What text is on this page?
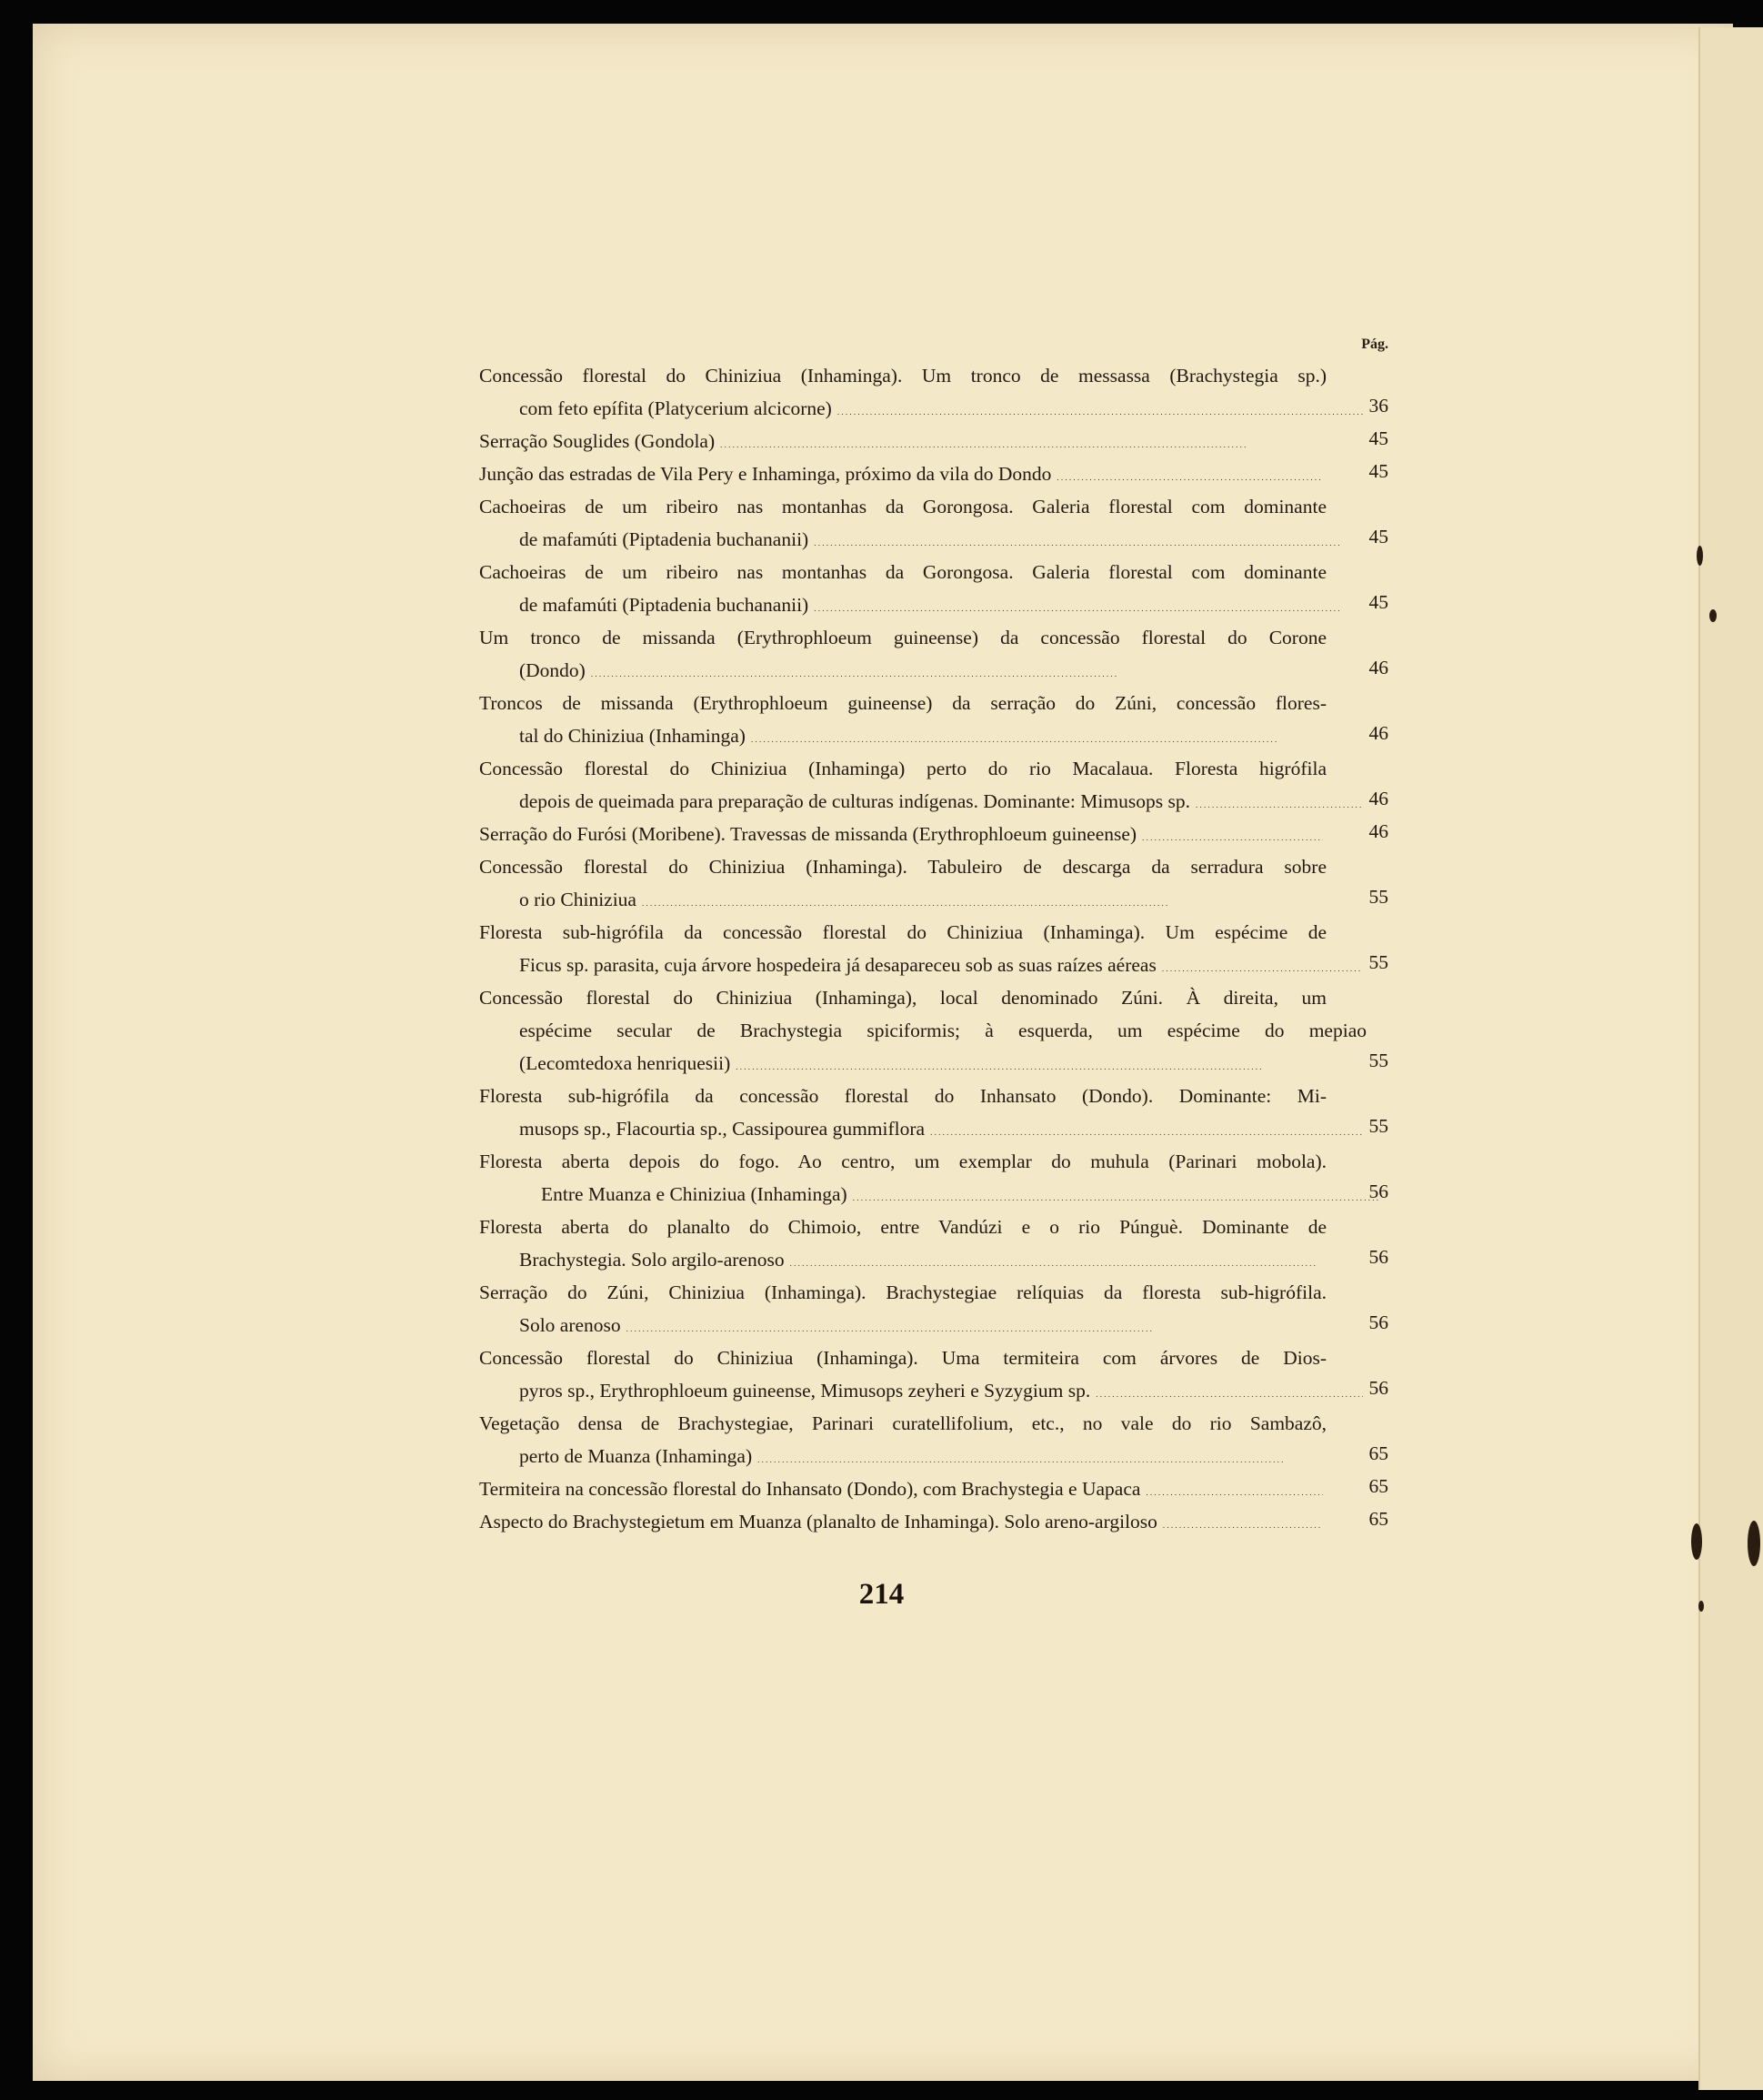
Pág.
Concessão florestal do Chiniziua (Inhaminga). Um tronco de messassa (Brachystegia sp.)
com feto epífita (Platycerium alcicorne) . . .	36
Serração Souglides (Gondola) . . .	45
Junção das estradas de Vila Pery e Inhaminga, próximo da vila do Dondo . . .	45
Cachoeiras de um ribeiro nas montanhas da Gorongosa. Galeria florestal com dominante
de mafamúti (Piptadenia buchananii) . . .	45
Cachoeiras de um ribeiro nas montanhas da Gorongosa. Galeria florestal com dominante
de mafamúti (Piptadenia buchananii) . . .	45
Um tronco de missanda (Erythrophloeum guineense) da concessão florestal do Corone
(Dondo) . . .	46
Troncos de missanda (Erythrophloeum guineense) da serração do Zúni, concessão flores-
tal do Chiniziua (Inhaminga) . . .	46
Concessão florestal do Chiniziua (Inhaminga) perto do rio Macalaua. Floresta higrófila
depois de queimada para preparação de culturas indígenas. Dominante: Mimusops sp. . . .	46
Serração do Furósi (Moribene). Travessas de missanda (Erythrophloeum guineense) . . .	46
Concessão florestal do Chiniziua (Inhaminga). Tabuleiro de descarga da serradura sobre
o rio Chiniziua . . .	55
Floresta sub-higrófila da concessão florestal do Chiniziua (Inhaminga). Um espécime de
Ficus sp. parasita, cuja árvore hospedeira já desapareceu sob as suas raízes aéreas . . .	55
Concessão florestal do Chiniziua (Inhaminga), local denominado Zúni. À direita, um
espécime secular de Brachystegia spiciformis; à esquerda, um espécime do mepiao
(Lecomtedoxa henriquesii) . . .	55
Floresta sub-higrófila da concessão florestal do Inhansato (Dondo). Dominante: Mi-
musops sp., Flacourtia sp., Cassipourea gummiflora . . .	55
Floresta aberta depois do fogo. Ao centro, um exemplar do muhula (Parinari mobola).
Entre Muanza e Chiniziua (Inhaminga) . . .	56
Floresta aberta do planalto do Chimoio, entre Vandúzi e o rio Púnguè. Dominante de
Brachystegia. Solo argilo-arenoso . . .	56
Serração do Zúni, Chiniziua (Inhaminga). Brachystegiae relíquias da floresta sub-higrófila.
Solo arenoso . . .	56
Concessão florestal do Chiniziua (Inhaminga). Uma termiteira com árvores de Dios-
pyros sp., Erythrophloeum guineense, Mimusops zeyheri e Syzygium sp. . . .	56
Vegetação densa de Brachystegiae, Parinari curatellifolium, etc., no vale do rio Sambazô,
perto de Muanza (Inhaminga) . . .	65
Termiteira na concessão florestal do Inhansato (Dondo), com Brachystegia e Uapaca . . .	65
Aspecto do Brachystegietum em Muanza (planalto de Inhaminga). Solo areno-argiloso . . .	65
214
